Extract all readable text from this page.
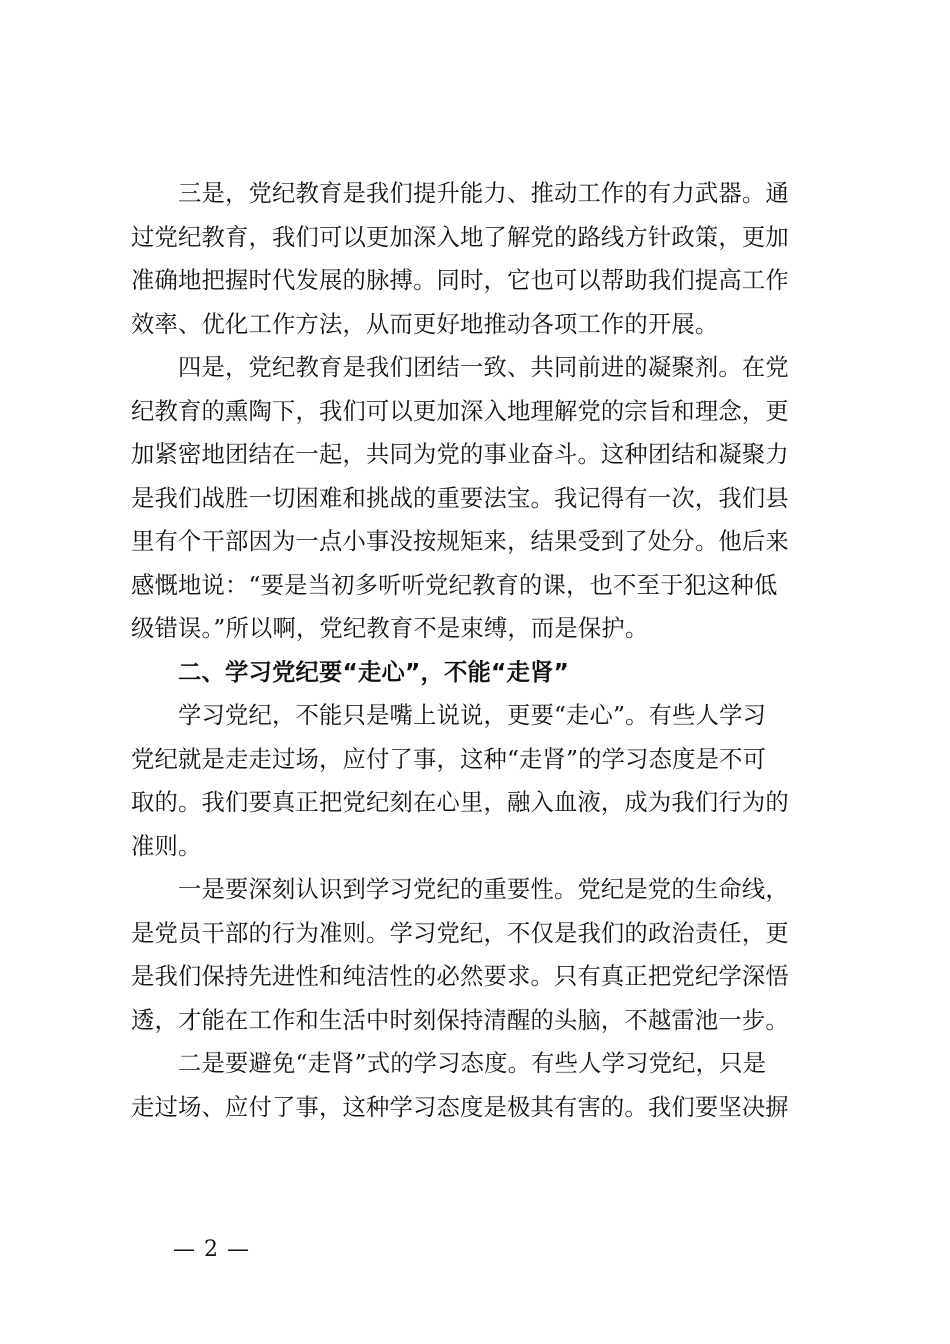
　　三是，党纪教育是我们提升能力、推动工作的有力武器。通
过党纪教育，我们可以更加深入地了解党的路线方针政策，更加
准确地把握时代发展的脉搏。同时，它也可以帮助我们提高工作
效率、优化工作方法，从而更好地推动各项工作的开展。
　　四是，党纪教育是我们团结一致、共同前进的凝聚剂。在党
纪教育的熏陶下，我们可以更加深入地理解党的宗旨和理念，更
加紧密地团结在一起，共同为党的事业奋斗。这种团结和凝聚力
是我们战胜一切困难和挑战的重要法宝。我记得有一次，我们县
里有个干部因为一点小事没按规矩来，结果受到了处分。他后来
感慨地说：“要是当初多听听党纪教育的课，也不至于犯这种低
级错误。”所以啊，党纪教育不是束缚，而是保护。
　　二、学习党纪要“走心”，不能“走肾”
　　学习党纪，不能只是嘴上说说，更要“走心”。有些人学习
党纪就是走走过场，应付了事，这种“走肾”的学习态度是不可
取的。我们要真正把党纪刻在心里，融入血液，成为我们行为的
准则。
　　一是要深刻认识到学习党纪的重要性。党纪是党的生命线，
是党员干部的行为准则。学习党纪，不仅是我们的政治责任，更
是我们保持先进性和纯洁性的必然要求。只有真正把党纪学深悟
透，才能在工作和生活中时刻保持清醒的头脑，不越雷池一步。
　　二是要避免“走肾”式的学习态度。有些人学习党纪，只是
走过场、应付了事，这种学习态度是极其有害的。我们要坚决摒
— 2 —
